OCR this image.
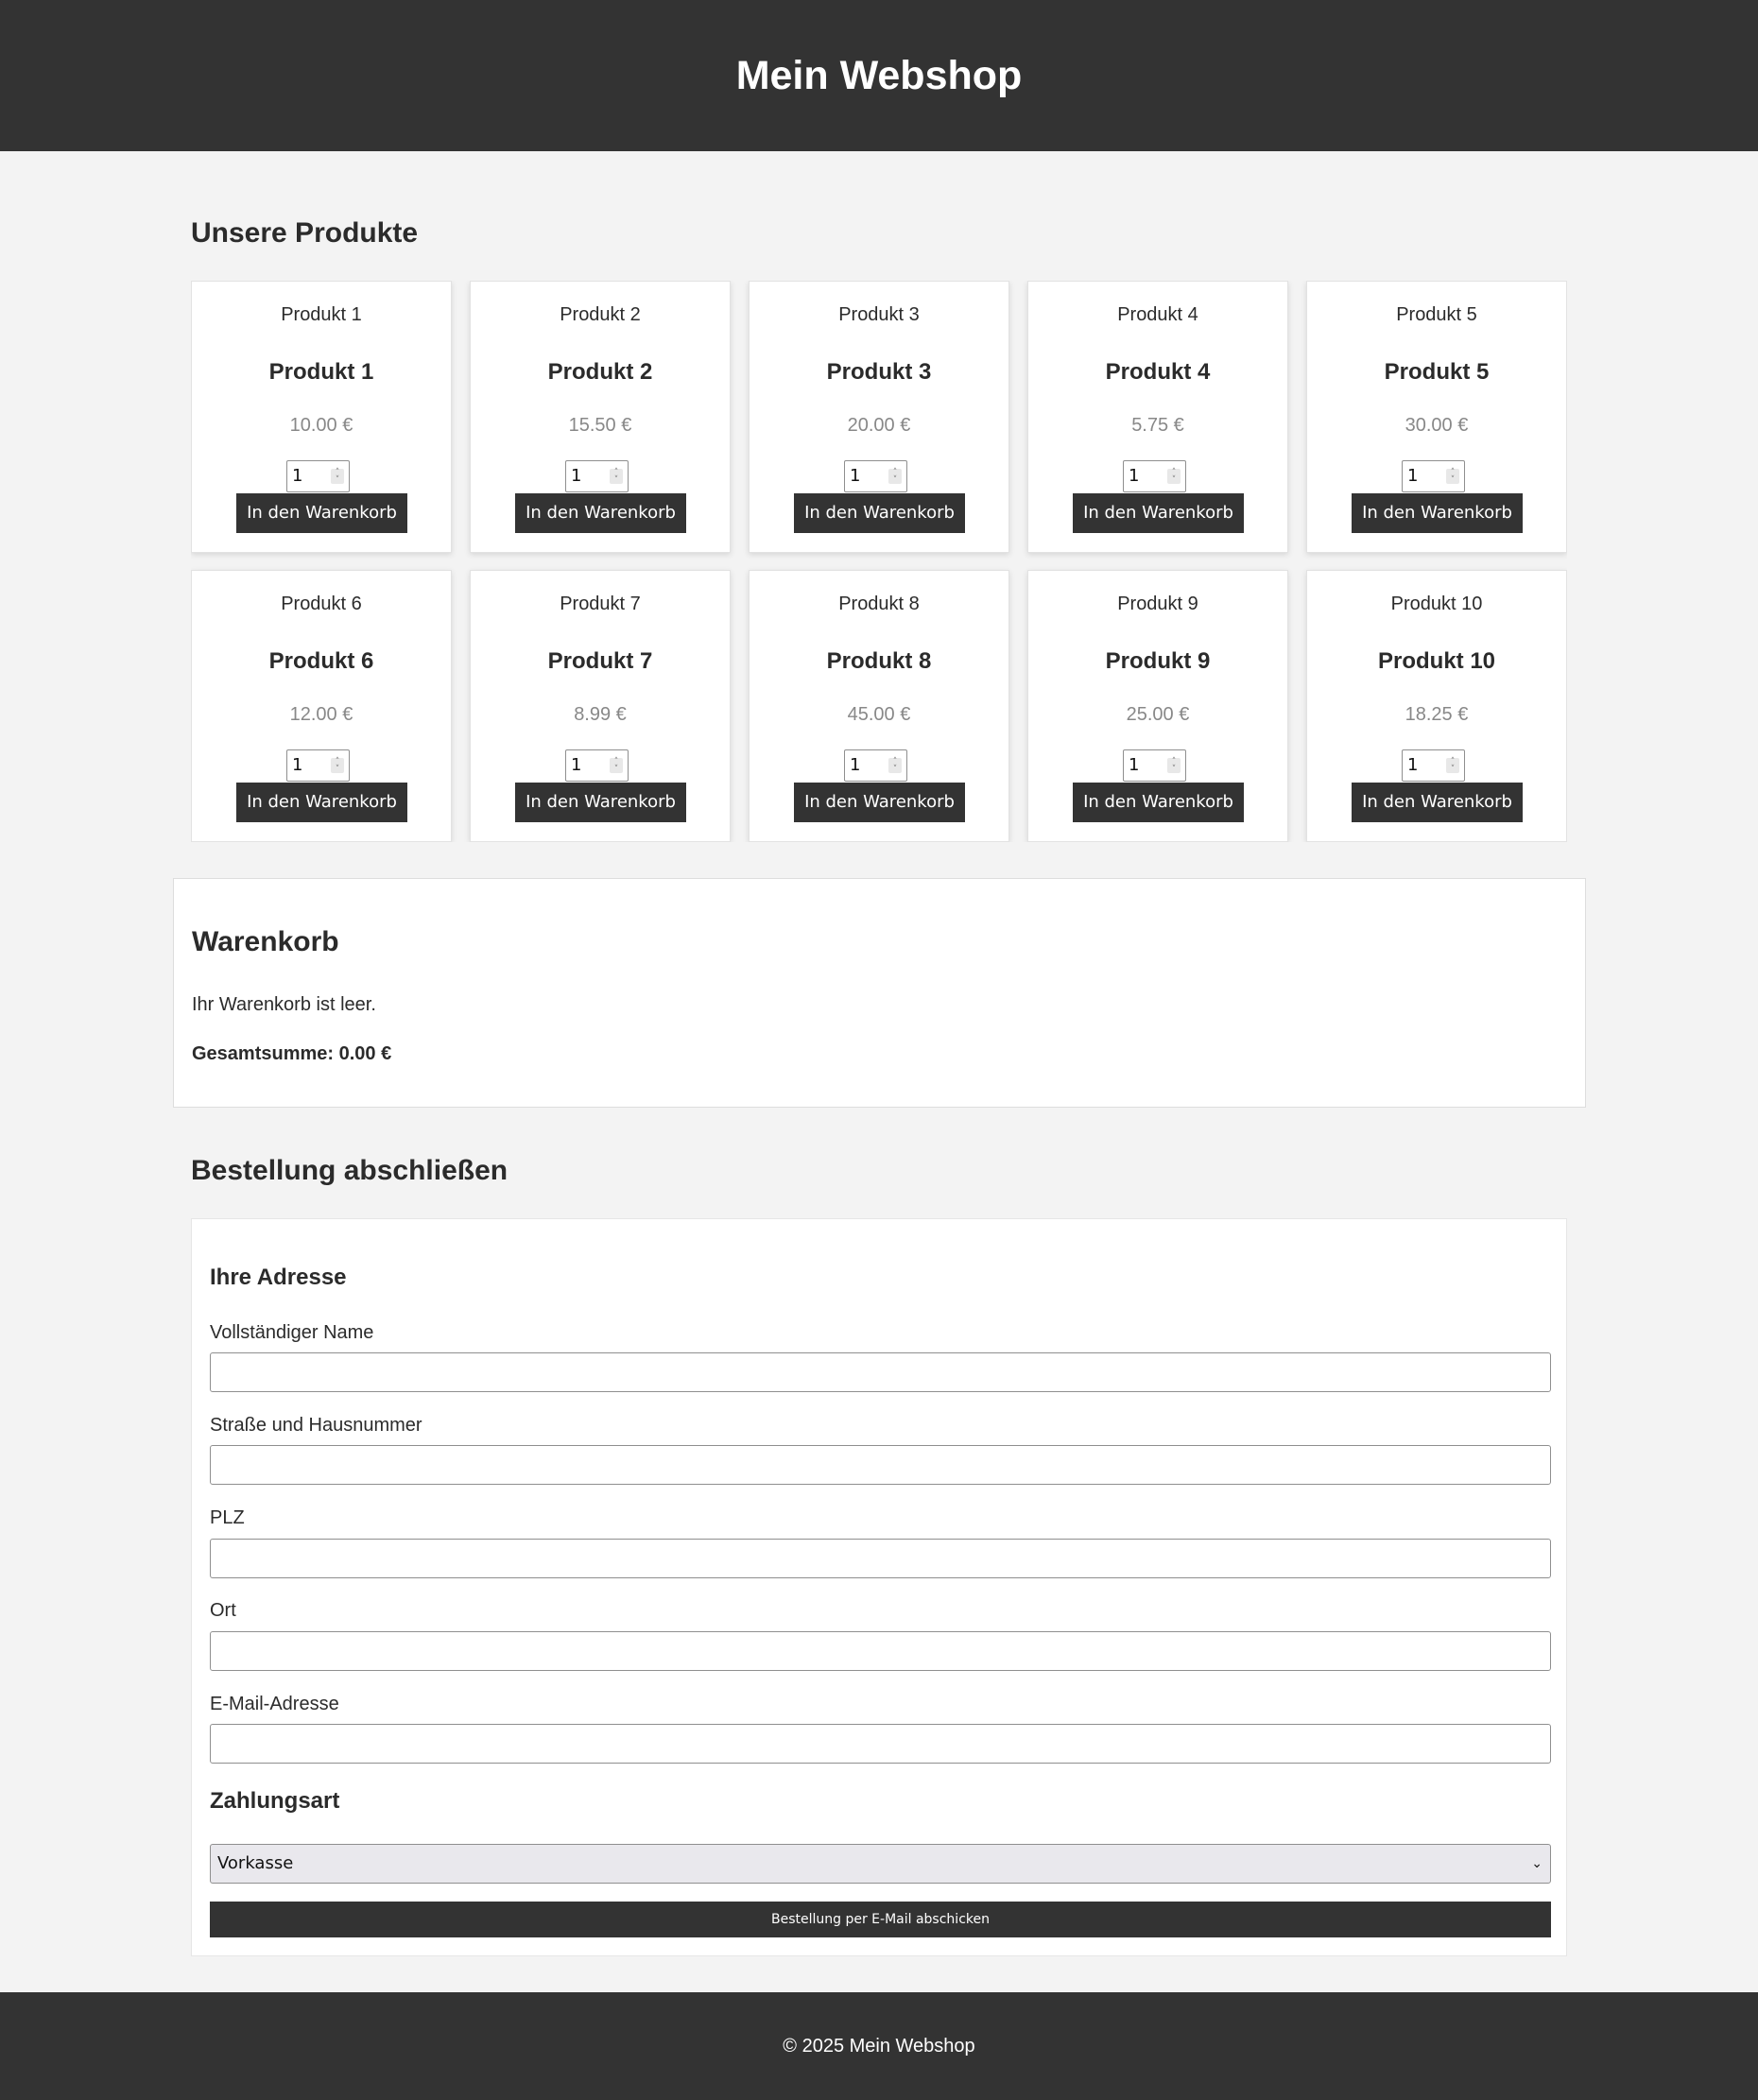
Mein Webshop
Unsere Produkte
Produkt 1
Produkt 1
10.00 €
1	˄
˅
In den Warenkorb
Produkt 2
Produkt 2
15.50 €
1	˄
˅
In den Warenkorb
Produkt 3
Produkt 3
20.00 €
1	˄
˅
In den Warenkorb
Produkt 4
Produkt 4
5.75 €
1	˄
˅
In den Warenkorb
Produkt 5
Produkt 5
30.00 €
1	˄
˅
In den Warenkorb
Produkt 6
Produkt 6
12.00 €
1	˄
˅
In den Warenkorb
Produkt 7
Produkt 7
8.99 €
1	˄
˅
In den Warenkorb
Produkt 8
Produkt 8
45.00 €
1	˄
˅
In den Warenkorb
Produkt 9
Produkt 9
25.00 €
1	˄
˅
In den Warenkorb
Produkt 10
Produkt 10
18.25 €
1	˄
˅
In den Warenkorb
Warenkorb

Ihr Warenkorb ist leer.

Gesamtsumme: 0.00 €

Bestellung abschließen
Ihre Adresse
Vollständiger Name
Straße und Hausnummer
PLZ
Ort
E-Mail-Adresse
Zahlungsart
Vorkasse	⌄
Bestellung per E-Mail abschicken
© 2025 Mein Webshop
